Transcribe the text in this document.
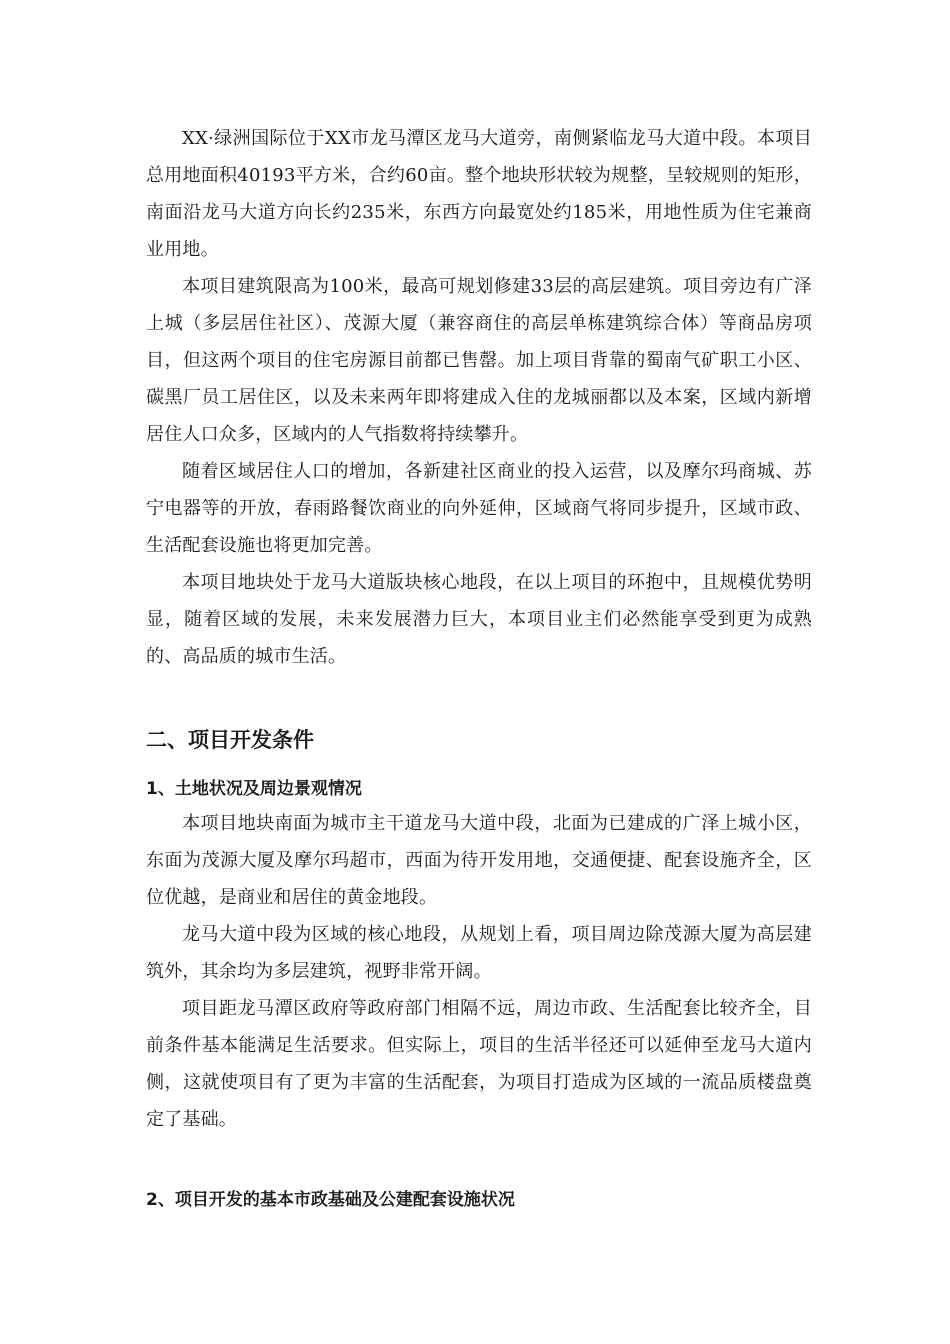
XX·绿洲国际位于XX市龙马潭区龙马大道旁，南侧紧临龙马大道中段。本项目总用地面积40193平方米，合约60亩。整个地块形状较为规整，呈较规则的矩形，南面沿龙马大道方向长约235米，东西方向最宽处约185米，用地性质为住宅兼商业用地。

本项目建筑限高为100米，最高可规划修建33层的高层建筑。项目旁边有广泽上城（多层居住社区）、茂源大厦（兼容商住的高层单栋建筑综合体）等商品房项目，但这两个项目的住宅房源目前都已售罄。加上项目背靠的蜀南气矿职工小区、碳黑厂员工居住区，以及未来两年即将建成入住的龙城丽都以及本案，区域内新增居住人口众多，区域内的人气指数将持续攀升。

随着区域居住人口的增加，各新建社区商业的投入运营，以及摩尔玛商城、苏宁电器等的开放，春雨路餐饮商业的向外延伸，区域商气将同步提升，区域市政、生活配套设施也将更加完善。

本项目地块处于龙马大道版块核心地段，在以上项目的环抱中，且规模优势明显，随着区域的发展，未来发展潜力巨大，本项目业主们必然能享受到更为成熟的、高品质的城市生活。

二、项目开发条件
1、土地状况及周边景观情况

本项目地块南面为城市主干道龙马大道中段，北面为已建成的广泽上城小区，东面为茂源大厦及摩尔玛超市，西面为待开发用地，交通便捷、配套设施齐全，区位优越，是商业和居住的黄金地段。

龙马大道中段为区域的核心地段，从规划上看，项目周边除茂源大厦为高层建筑外，其余均为多层建筑，视野非常开阔。

项目距龙马潭区政府等政府部门相隔不远，周边市政、生活配套比较齐全，目前条件基本能满足生活要求。但实际上，项目的生活半径还可以延伸至龙马大道内侧，这就使项目有了更为丰富的生活配套，为项目打造成为区域的一流品质楼盘奠定了基础。

2、项目开发的基本市政基础及公建配套设施状况
